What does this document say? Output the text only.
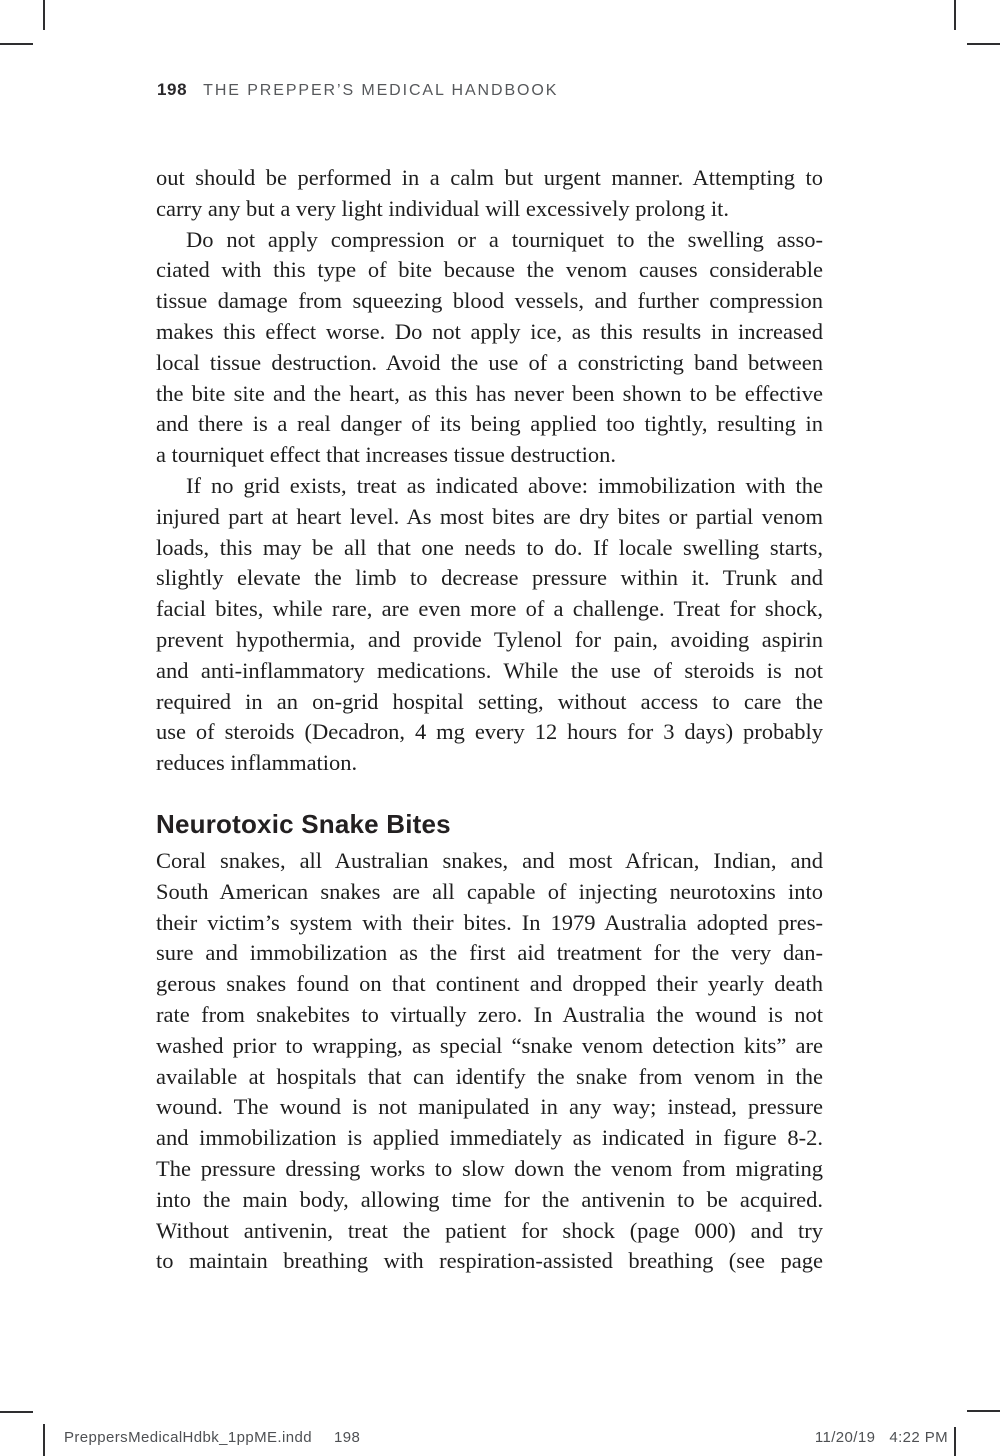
198 THE PREPPER’S MEDICAL HANDBOOK
out should be performed in a calm but urgent manner. Attempting to
carry any but a very light individual will excessively prolong it.
Do not apply compression or a tourniquet to the swelling asso-
ciated with this type of bite because the venom causes considerable
tissue damage from squeezing blood vessels, and further compression
makes this effect worse. Do not apply ice, as this results in increased
local tissue destruction. Avoid the use of a constricting band between
the bite site and the heart, as this has never been shown to be effective
and there is a real danger of its being applied too tightly, resulting in
a tourniquet effect that increases tissue destruction.
If no grid exists, treat as indicated above: immobilization with the
injured part at heart level. As most bites are dry bites or partial venom
loads, this may be all that one needs to do. If locale swelling starts,
slightly elevate the limb to decrease pressure within it. Trunk and
facial bites, while rare, are even more of a challenge. Treat for shock,
prevent hypothermia, and provide Tylenol for pain, avoiding aspirin
and anti-inflammatory medications. While the use of steroids is not
required in an on-grid hospital setting, without access to care the
use of steroids (Decadron, 4 mg every 12 hours for 3 days) probably
reduces inflammation.
Neurotoxic Snake Bites
Coral snakes, all Australian snakes, and most African, Indian, and
South American snakes are all capable of injecting neurotoxins into
their victim’s system with their bites. In 1979 Australia adopted pres-
sure and immobilization as the first aid treatment for the very dan-
gerous snakes found on that continent and dropped their yearly death
rate from snakebites to virtually zero. In Australia the wound is not
washed prior to wrapping, as special “snake venom detection kits” are
available at hospitals that can identify the snake from venom in the
wound. The wound is not manipulated in any way; instead, pressure
and immobilization is applied immediately as indicated in figure 8-2.
The pressure dressing works to slow down the venom from migrating
into the main body, allowing time for the antivenin to be acquired.
Without antivenin, treat the patient for shock (page 000) and try
to maintain breathing with respiration-assisted breathing (see page
PreppersMedicalHdbk_1ppME.indd 198	11/20/19 4:22 PM
